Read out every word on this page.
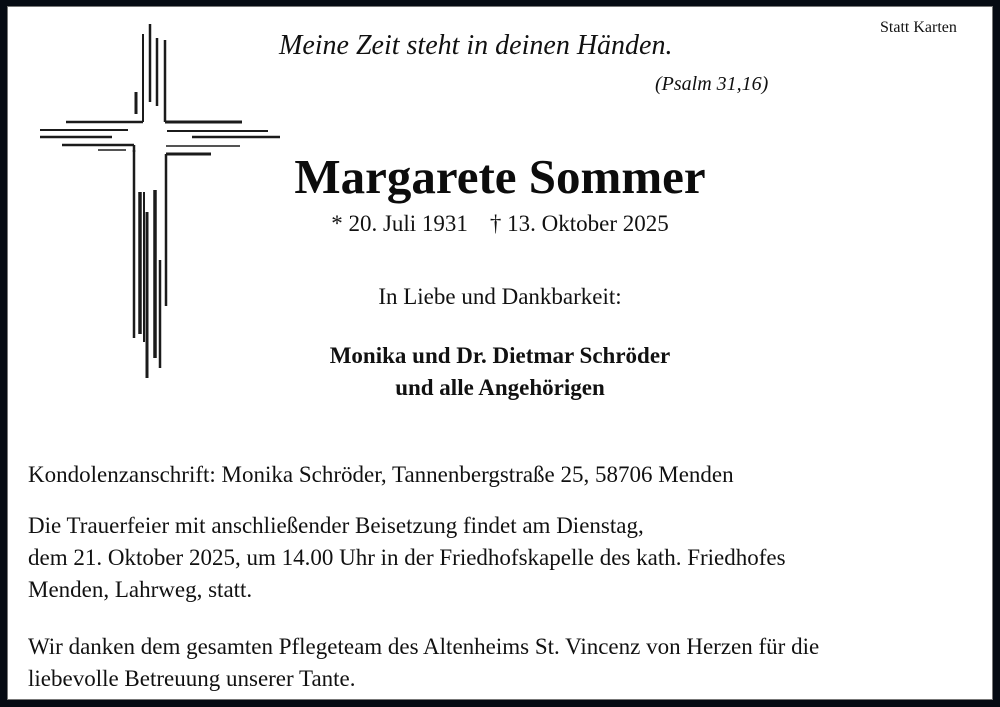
Statt Karten
Meine Zeit steht in deinen Händen.
(Psalm 31,16)
Margarete Sommer
* 20. Juli 1931 † 13. Oktober 2025
In Liebe und Dankbarkeit:
Monika und Dr. Dietmar Schröder
und alle Angehörigen
Kondolenzanschrift: Monika Schröder, Tannenbergstraße 25, 58706 Menden
Die Trauerfeier mit anschließender Beisetzung findet am Dienstag,
dem 21. Oktober 2025, um 14.00 Uhr in der Friedhofskapelle des kath. Friedhofes
Menden, Lahrweg, statt.
Wir danken dem gesamten Pflegeteam des Altenheims St. Vincenz von Herzen für die
liebevolle Betreuung unserer Tante.
